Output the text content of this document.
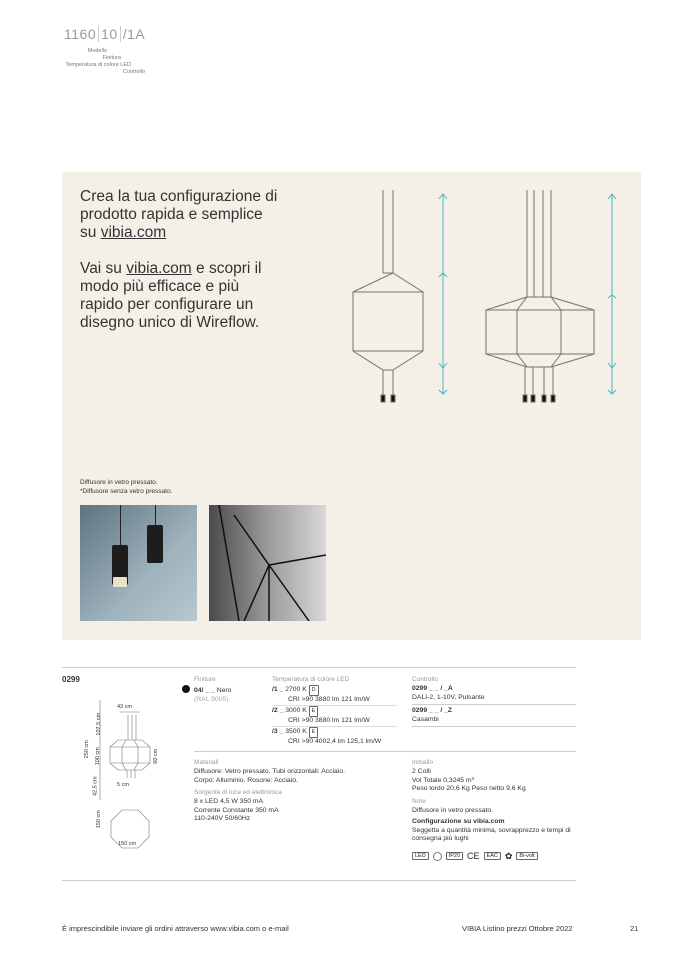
1160 10 /1A
Modello
Finitura
Temperatura di colore LED
Controllo

Crea la tua configurazione di prodotto rapida e semplice su vibia.com

Vai su vibia.com e scopri il modo più efficace e più rapido per configurare un disegno unico di Wireflow.

Diffusore in vetro pressato.
*Diffusore senza vetro pressato.
0299
43 cm
250 cm
107,5 cm
100 cm
42,5 cm
60 cm
5 cm
150 cm
150 cm
Finiture
04/ _ _ Nero
(RAL 9005)
Temperatura di colore LED
/1 _ 2700 K D
CRI >90 3880 lm 121 lm/W
/2 _ 3000 K E
CRI >90 3880 lm 121 lm/W
/3 _ 3500 K E
CRI >90 4002,4 lm 125,1 lm/W
Controllo
0299 _ _ / _A
DALI-2, 1-10V, Pulsante
0299 _ _ / _Z
Casambi
Materiali
Diffusore: Vetro pressato. Tubi orizzontali: Acciaio.
Corpo: Alluminio. Rosone: Acciaio.
Sorgente di luce ed elettronica
8 x LED 4,5 W 350 mA
Corrente Constante 350 mA
110-240V 50/60Hz
Imballo
2 Colli
Vol Totale 0,3245 m³
Peso lordo 20,6 Kg Peso netto 9,6 Kg
Note
Diffusore in vetro pressato.
Configurazione su vibia.com
Seggetta a quantità minima, sovrapprezzo e tempi di consegna più lughi
LED	IP20 CE	EAC ✿	Bi-volt
È imprescindibile inviare gli ordini attraverso www.vibia.com o e-mail	VIBIA Listino prezzi Ottobre 2022	21
